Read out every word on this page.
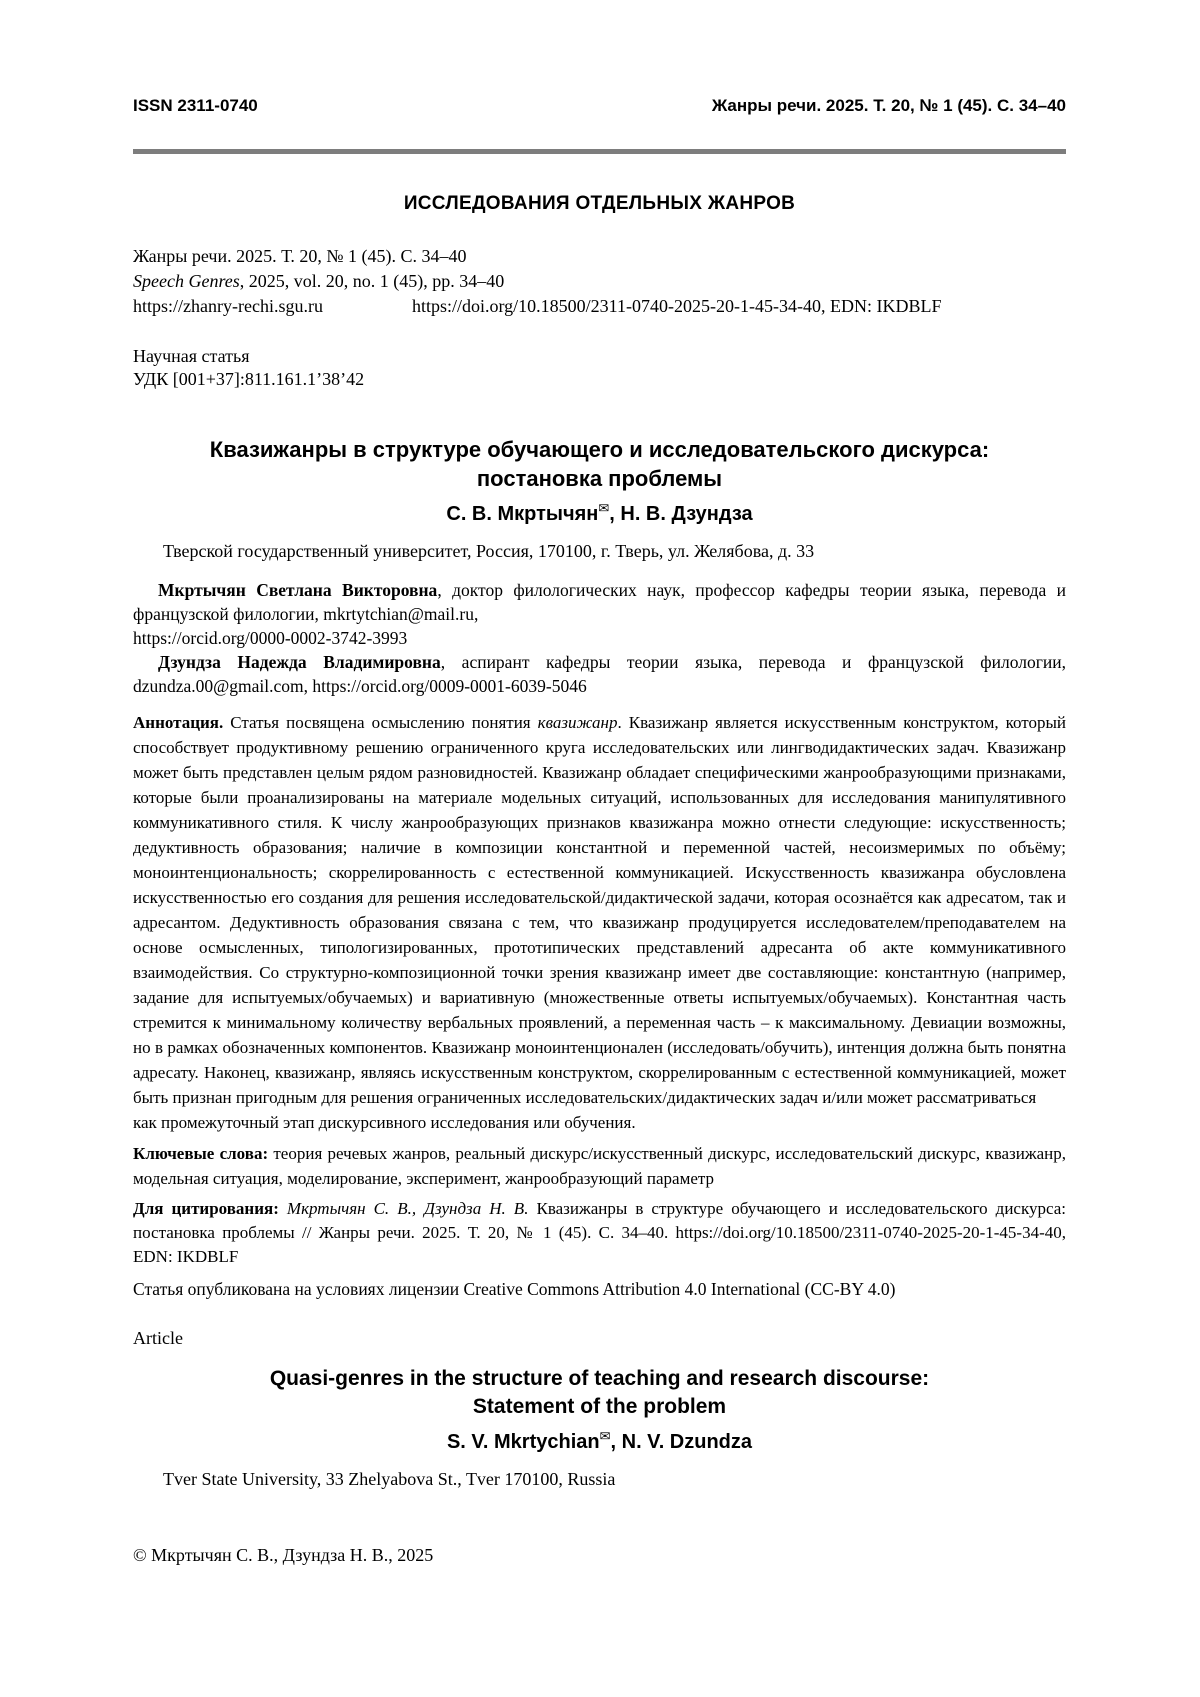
ISSN 2311-0740	Жанры речи. 2025. Т. 20, № 1 (45). С. 34–40
ИССЛЕДОВАНИЯ ОТДЕЛЬНЫХ ЖАНРОВ
Жанры речи. 2025. Т. 20, № 1 (45). С. 34–40
Speech Genres, 2025, vol. 20, no. 1 (45), pp. 34–40
https://zhanry-rechi.sgu.ru	https://doi.org/10.18500/2311-0740-2025-20-1-45-34-40, EDN: IKDBLF
Научная статья
УДК [001+37]:811.161.1’38’42
Квазижанры в структуре обучающего и исследовательского дискурса:
постановка проблемы
С. В. Мкртычян✉, Н. В. Дзундза

Тверской государственный университет, Россия, 170100, г. Тверь, ул. Желябова, д. 33

Мкртычян Светлана Викторовна, доктор филологических наук, профессор кафедры теории языка, перевода и французской филологии, mkrtytchian@mail.ru,
https://orcid.org/0000-0002-3742-3993

Дзундза Надежда Владимировна, аспирант кафедры теории языка, перевода и французской филологии, dzundza.00@gmail.com, https://orcid.org/0009-0001-6039-5046

Аннотация. Статья посвящена осмыслению понятия квазижанр. Квазижанр является искусственным конструктом, который способствует продуктивному решению ограниченного круга исследовательских или лингводидактических задач. Квазижанр может быть представлен целым рядом разновидностей. Квазижанр обладает специфическими жанрообразующими признаками, которые были проанализированы на материале модельных ситуаций, использованных для исследования манипулятивного коммуникативного стиля. К числу жанрообразующих признаков квазижанра можно отнести следующие: искусственность; дедуктивность образования; наличие в композиции константной и переменной частей, несоизмеримых по объёму; моноинтенциональность; скоррелированность с естественной коммуникацией. Искусственность квазижанра обусловлена искусственностью его создания для решения исследовательской/дидактической задачи, которая осознаётся как адресатом, так и адресантом. Дедуктивность образования связана с тем, что квазижанр продуцируется исследователем/преподавателем на основе осмысленных, типологизированных, прототипических представлений адресанта об акте коммуникативного взаимодействия. Со структурно-композиционной точки зрения квазижанр имеет две составляющие: константную (например, задание для испытуемых/обучаемых) и вариативную (множественные ответы испытуемых/обучаемых). Константная часть стремится к минимальному количеству вербальных проявлений, а переменная часть – к максимальному. Девиации возможны, но в рамках обозначенных компонентов. Квазижанр моноинтенционален (исследовать/обучить), интенция должна быть понятна адресату. Наконец, квазижанр, являясь искусственным конструктом, скоррелированным с естественной коммуникацией, может быть признан пригодным для решения ограниченных исследовательских/дидактических задач и/или может рассматриваться
как промежуточный этап дискурсивного исследования или обучения.

Ключевые слова: теория речевых жанров, реальный дискурс/искусственный дискурс, исследовательский дискурс, квазижанр, модельная ситуация, моделирование, эксперимент, жанрообразующий параметр

Для цитирования: Мкртычян С. В., Дзундза Н. В. Квазижанры в структуре обучающего и исследовательского дискурса: постановка проблемы // Жанры речи. 2025. Т. 20, № 1 (45). С. 34–40. https://doi.org/10.18500/2311-0740-2025-20-1-45-34-40, EDN: IKDBLF

Статья опубликована на условиях лицензии Creative Commons Attribution 4.0 International (CC-BY 4.0)

Article
Quasi-genres in the structure of teaching and research discourse:
Statement of the problem
S. V. Mkrtychian✉, N. V. Dzundza

Tver State University, 33 Zhelyabova St., Tver 170100, Russia

© Мкртычян С. В., Дзундза Н. В., 2025
